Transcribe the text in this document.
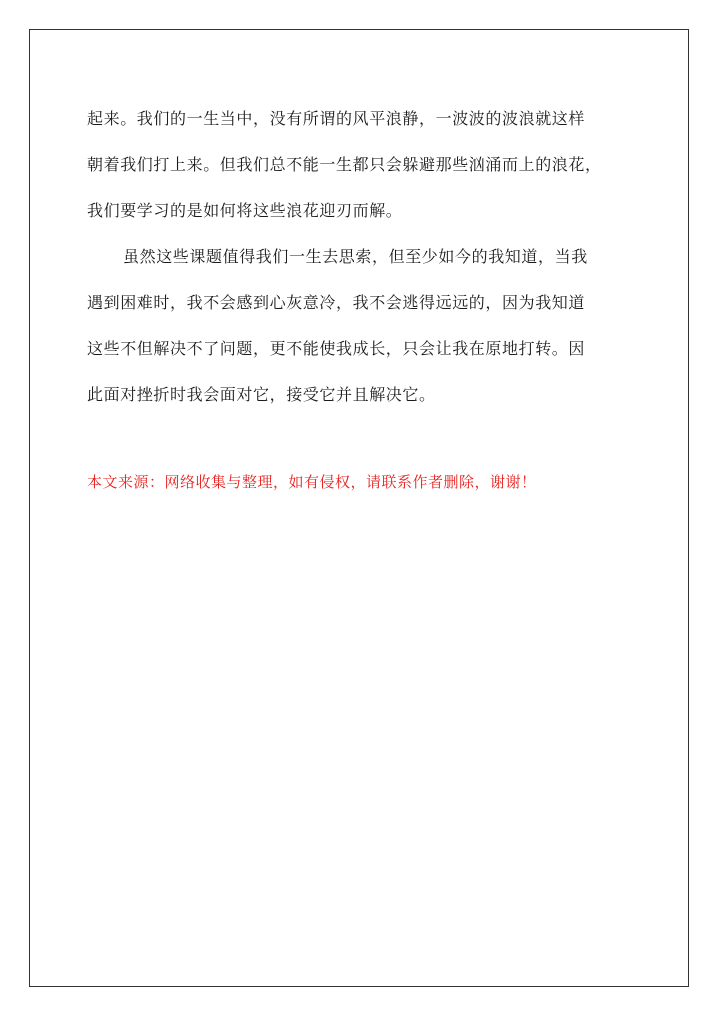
起来。我们的一生当中，没有所谓的风平浪静，一波波的波浪就这样

朝着我们打上来。但我们总不能一生都只会躲避那些汹涌而上的浪花，

我们要学习的是如何将这些浪花迎刃而解。

虽然这些课题值得我们一生去思索，但至少如今的我知道，当我

遇到困难时，我不会感到心灰意冷，我不会逃得远远的，因为我知道

这些不但解决不了问题，更不能使我成长，只会让我在原地打转。因

此面对挫折时我会面对它，接受它并且解决它。

本文来源：网络收集与整理，如有侵权，请联系作者删除，谢谢！
